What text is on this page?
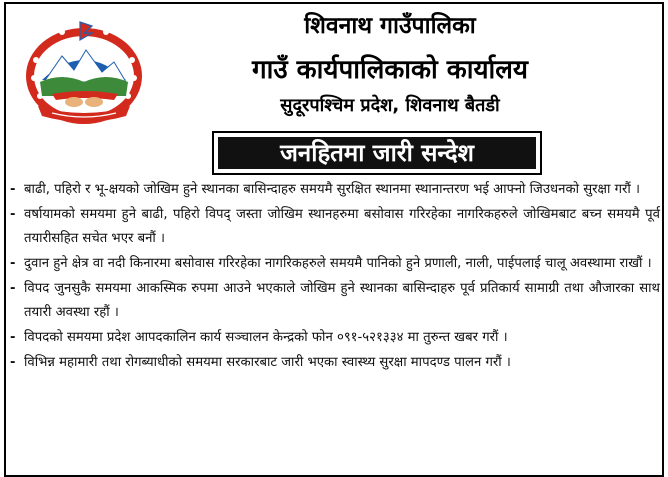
शिवनाथ गाउँपालिका
गाउँ कार्यपालिकाको कार्यालय
सुदूरपश्चिम प्रदेश, शिवनाथ बैतडी
जनहितमा जारी सन्देश
- बाढी, पहिरो र भू-क्षयको जोखिम हुने स्थानका बासिन्दाहरु समयमै सुरक्षित स्थानमा स्थानान्तरण भई आफ्नो जिउधनको सुरक्षा गरौं ।
- वर्षायामको समयमा हुने बाढी, पहिरो विपद् जस्ता जोखिम स्थानहरुमा बसोवास गरिरहेका नागरिकहरुले जोखिमबाट बच्न समयमै पूर्व तयारीसहित सचेत भएर बनौं ।
- दुवान हुने क्षेत्र वा नदी किनारमा बसोवास गरिरहेका नागरिकहरुले समयमै पानिको हुने प्रणाली, नाली, पाईपलाई चालू अवस्थामा राखौं ।
- विपद जुनसुकै समयमा आकस्मिक रुपमा आउने भएकाले जोखिम हुने स्थानका बासिन्दाहरु पूर्व प्रतिकार्य सामाग्री तथा औजारका साथ तयारी अवस्था रहौं ।
- विपदको समयमा प्रदेश आपदकालिन कार्य सञ्चालन केन्द्रको फोन ०९१-५२१३३४ मा तुरुन्त खबर गरौं ।
- विभिन्न महामारी तथा रोगब्याधीको समयमा सरकारबाट जारी भएका स्वास्थ्य सुरक्षा मापदण्ड पालन गरौं ।
